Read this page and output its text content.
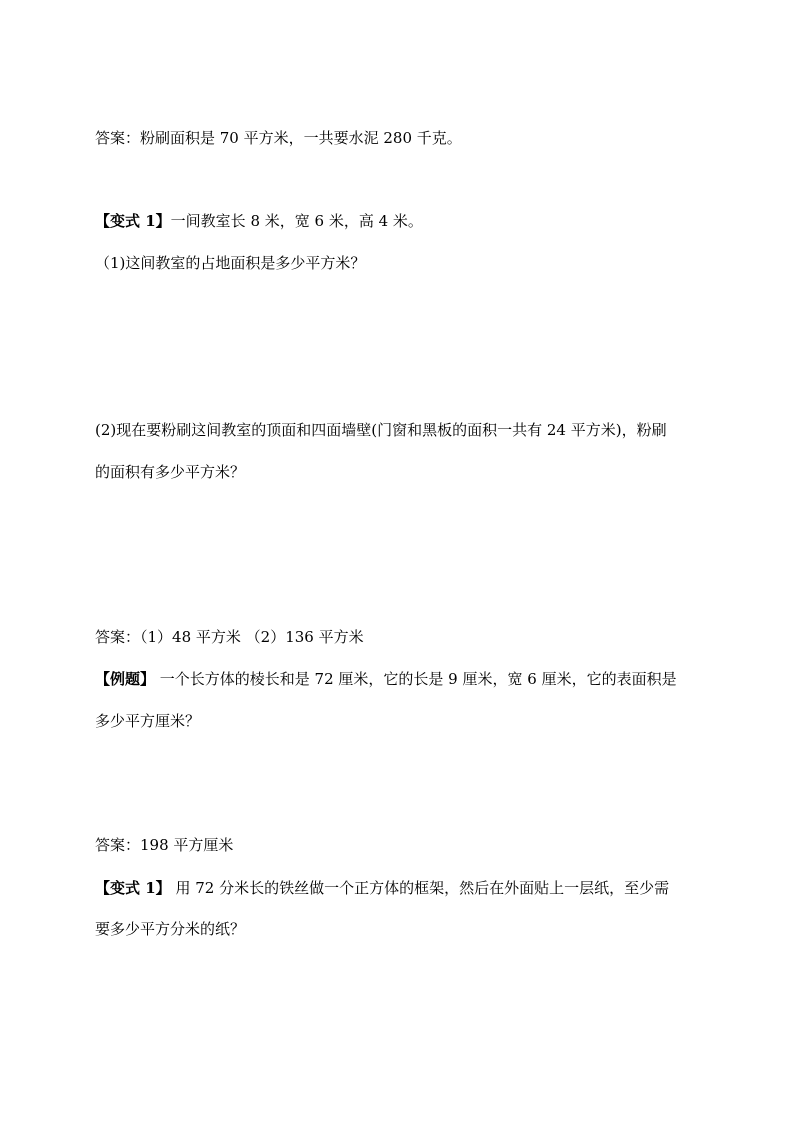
答案：粉刷面积是 70 平方米，一共要水泥 280 千克。
【变式 1】一间教室长 8 米，宽 6 米，高 4 米。
（1)这间教室的占地面积是多少平方米？
(2)现在要粉刷这间教室的顶面和四面墙壁(门窗和黑板的面积一共有 24 平方米)，粉刷
的面积有多少平方米？
答案：（1）48 平方米 （2）136 平方米
【例题】 一个长方体的棱长和是 72 厘米，它的长是 9 厘米，宽 6 厘米，它的表面积是
多少平方厘米？
答案：198 平方厘米
【变式 1】 用 72 分米长的铁丝做一个正方体的框架，然后在外面贴上一层纸，至少需
要多少平方分米的纸？
